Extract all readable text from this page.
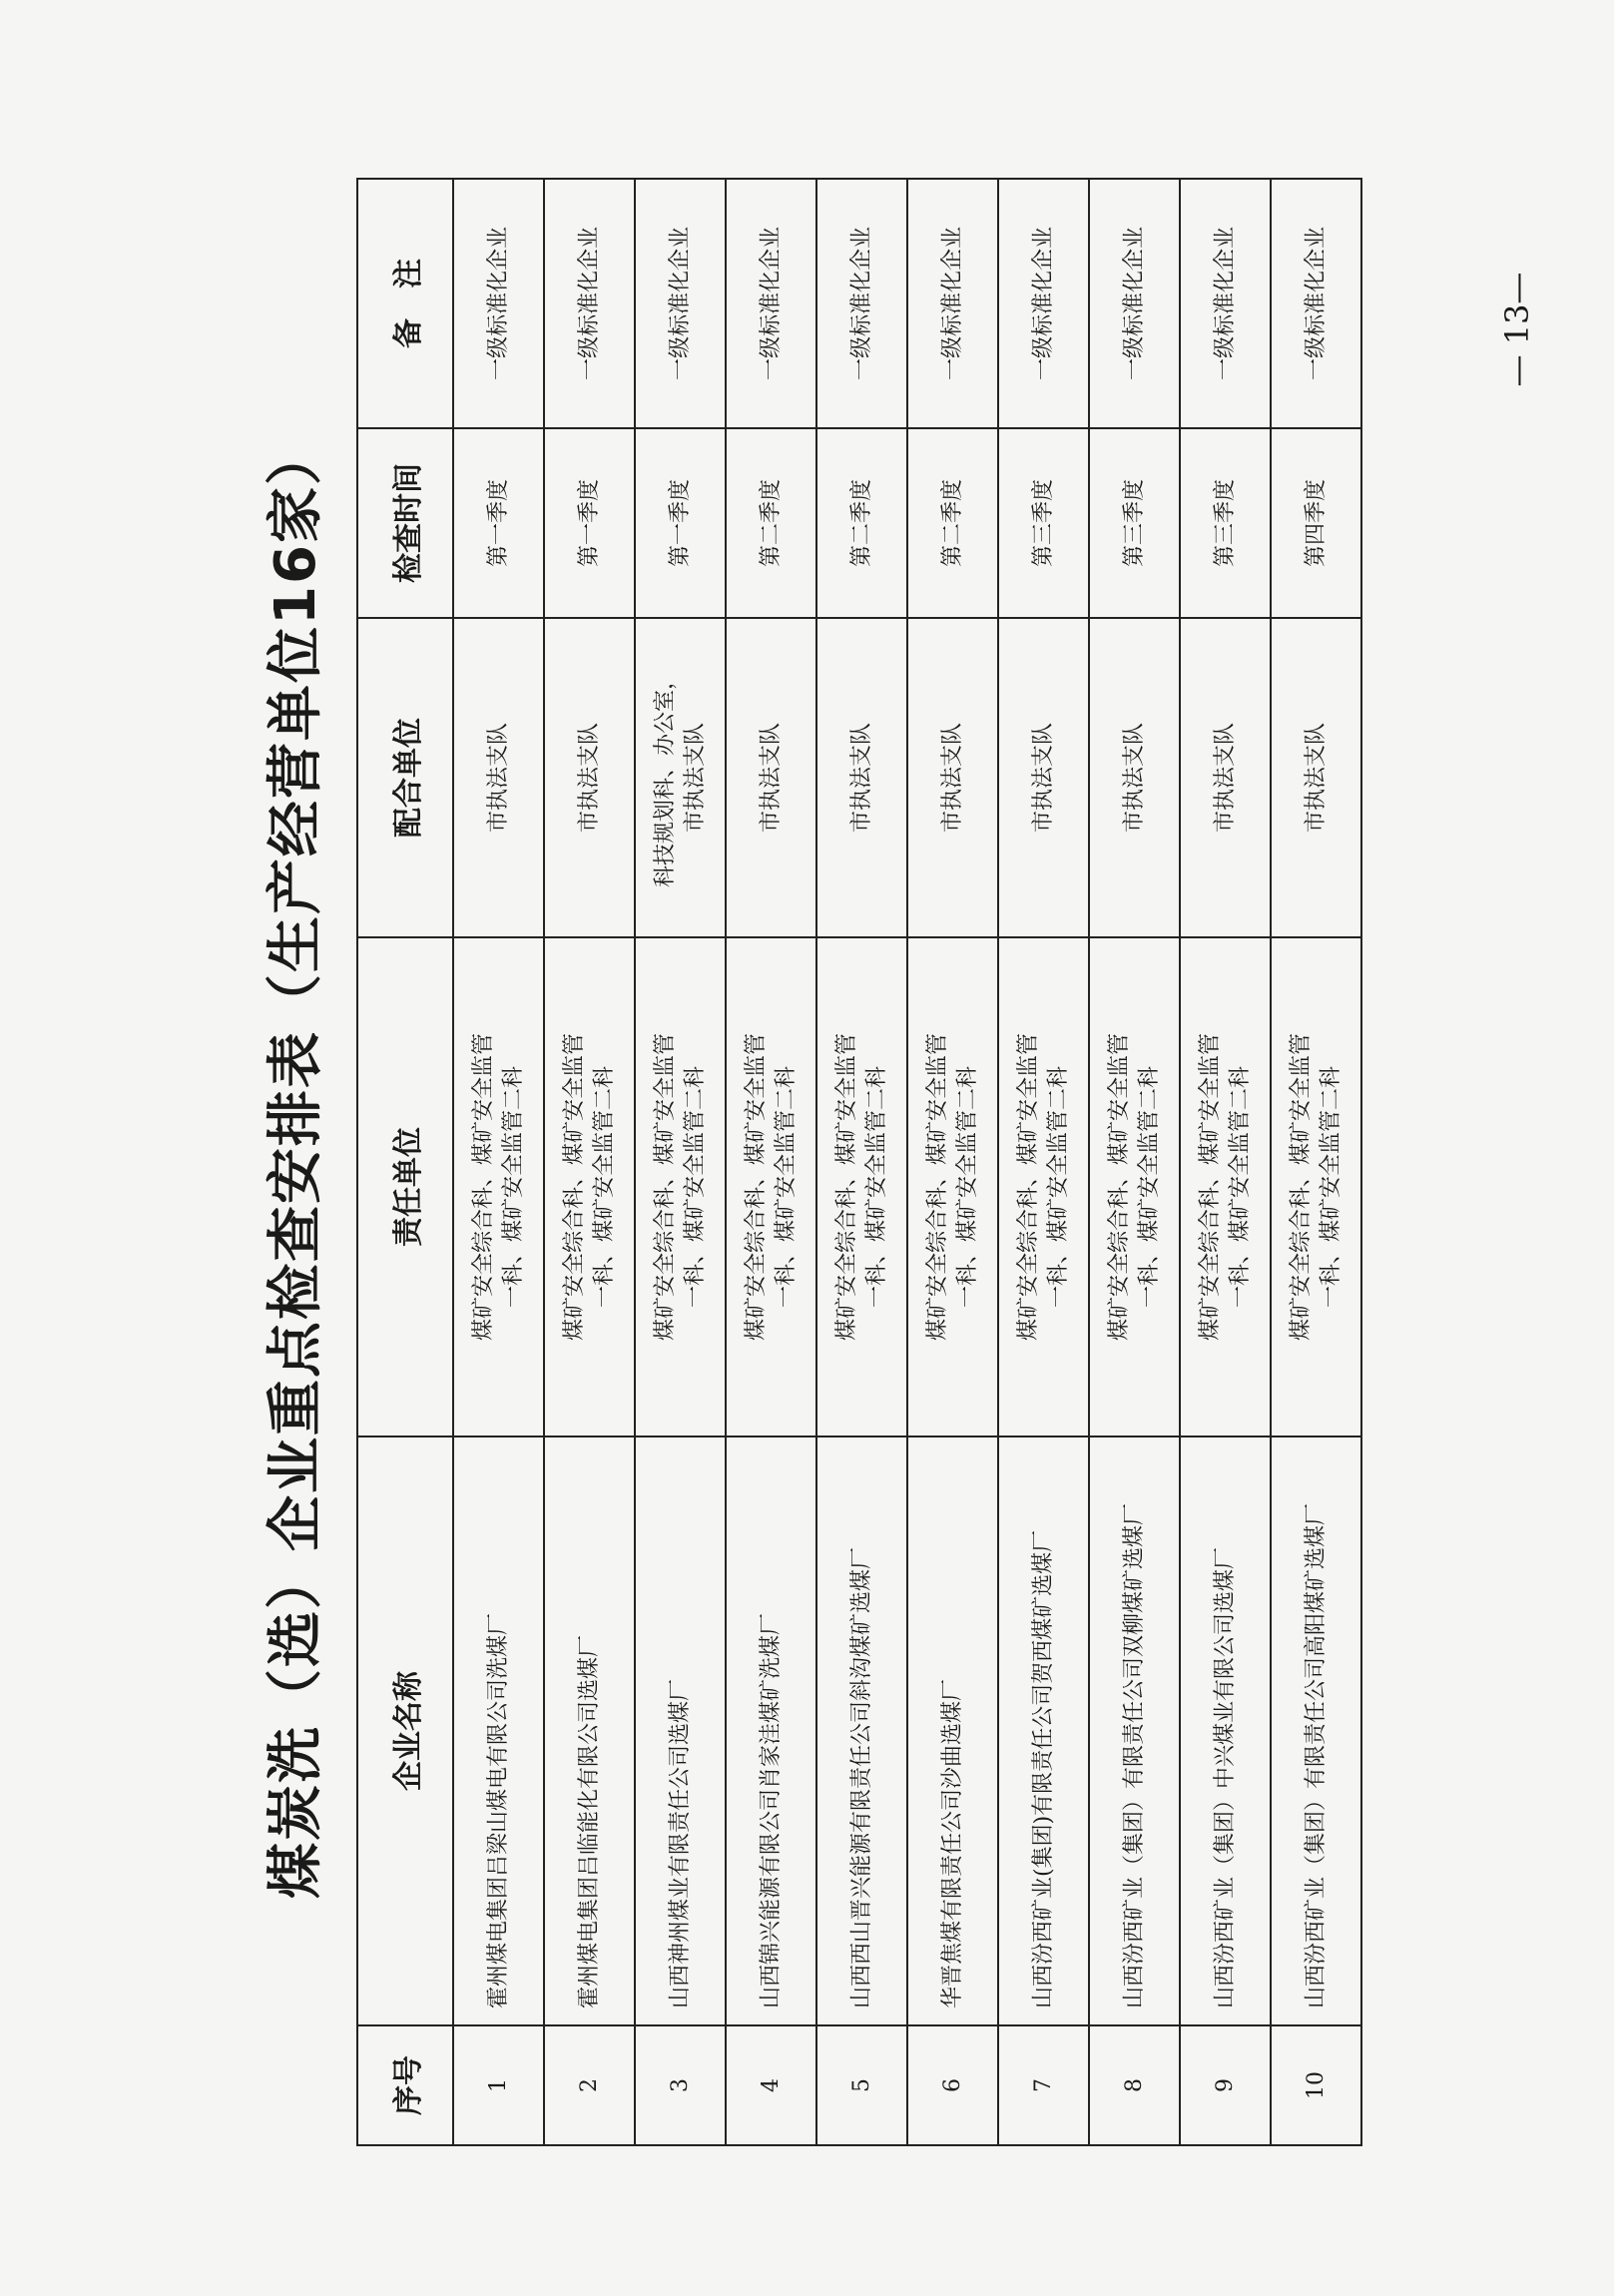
煤炭洗（选）企业重点检查安排表（生产经营单位16家）
序号	企业名称	责任单位	配合单位	检查时间	备　注
1	霍州煤电集团吕梁山煤电有限公司洗煤厂	煤矿安全综合科、煤矿安全监管 一科、煤矿安全监管二科	市执法支队	第一季度	一级标准化企业
2	霍州煤电集团吕临能化有限公司选煤厂	煤矿安全综合科、煤矿安全监管 一科、煤矿安全监管二科	市执法支队	第一季度	一级标准化企业
3	山西神州煤业有限责任公司选煤厂	煤矿安全综合科、煤矿安全监管 一科、煤矿安全监管二科	科技规划科、办公室， 市执法支队	第一季度	一级标准化企业
4	山西锦兴能源有限公司肖家洼煤矿洗煤厂	煤矿安全综合科、煤矿安全监管 一科、煤矿安全监管二科	市执法支队	第二季度	一级标准化企业
5	山西西山晋兴能源有限责任公司斜沟煤矿选煤厂	煤矿安全综合科、煤矿安全监管 一科、煤矿安全监管二科	市执法支队	第二季度	一级标准化企业
6	华晋焦煤有限责任公司沙曲选煤厂	煤矿安全综合科、煤矿安全监管 一科、煤矿安全监管二科	市执法支队	第二季度	一级标准化企业
7	山西汾西矿业(集团)有限责任公司贺西煤矿选煤厂	煤矿安全综合科、煤矿安全监管 一科、煤矿安全监管二科	市执法支队	第三季度	一级标准化企业
8	山西汾西矿业（集团）有限责任公司双柳煤矿选煤厂	煤矿安全综合科、煤矿安全监管 一科、煤矿安全监管二科	市执法支队	第三季度	一级标准化企业
9	山西汾西矿业（集团）中兴煤业有限公司选煤厂	煤矿安全综合科、煤矿安全监管 一科、煤矿安全监管二科	市执法支队	第三季度	一级标准化企业
10	山西汾西矿业（集团）有限责任公司高阳煤矿选煤厂	煤矿安全综合科、煤矿安全监管 一科、煤矿安全监管二科	市执法支队	第四季度	一级标准化企业	— 13—
